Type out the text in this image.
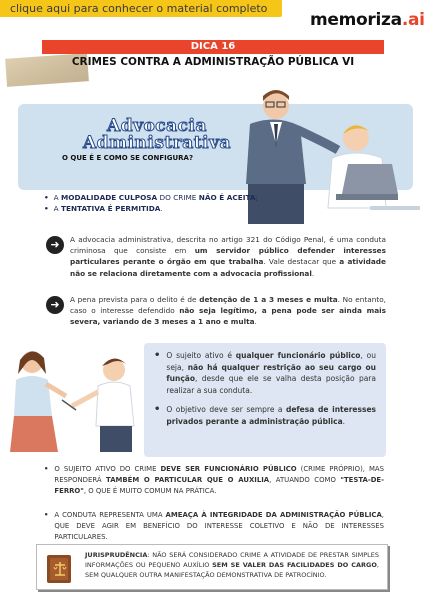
clique aqui para conhecer o material completo
memoriza.ai
DICA 16
CRIMES CONTRA A ADMINISTRAÇÃO PÚBLICA VI
Advocacia
Administrativa
O QUE É E COMO SE CONFIGURA?
• A MODALIDADE CULPOSA DO CRIME NÃO É ACEITA;
• A TENTATIVA É PERMITIDA.
➜	A advocacia administrativa, descrita no artigo 321 do Código Penal, é uma conduta criminosa que consiste em um servidor público defender interesses particulares perante o órgão em que trabalha. Vale destacar que a atividade não se relaciona diretamente com a advocacia profissional.
➜	A pena prevista para o delito é de detenção de 1 a 3 meses e multa. No entanto, caso o interesse defendido não seja legítimo, a pena pode ser ainda mais severa, variando de 3 meses a 1 ano e multa.
• O sujeito ativo é qualquer funcionário público, ou seja, não há qualquer restrição ao seu cargo ou função, desde que ele se valha desta posição para realizar a sua conduta.
• O objetivo deve ser sempre a defesa de interesses privados perante a administração pública.
• O SUJEITO ATIVO DO CRIME DEVE SER FUNCIONÁRIO PÚBLICO (CRIME PRÓPRIO), MAS RESPONDERÁ TAMBÉM O PARTICULAR QUE O AUXILIA, ATUANDO COMO "TESTA-DE-FERRO", O QUE É MUITO COMUM NA PRÁTICA.
• A CONDUTA REPRESENTA UMA AMEAÇA À INTEGRIDADE DA ADMINISTRAÇÃO PÚBLICA, QUE DEVE AGIR EM BENEFÍCIO DO INTERESSE COLETIVO E NÃO DE INTERESSES PARTICULARES.
JURISPRUDÊNCIA: NÃO SERÁ CONSIDERADO CRIME A ATIVIDADE DE PRESTAR SIMPLES INFORMAÇÕES OU PEQUENO AUXÍLIO SEM SE VALER DAS FACILIDADES DO CARGO, SEM QUALQUER OUTRA MANIFESTAÇÃO DEMONSTRATIVA DE PATROCÍNIO.
